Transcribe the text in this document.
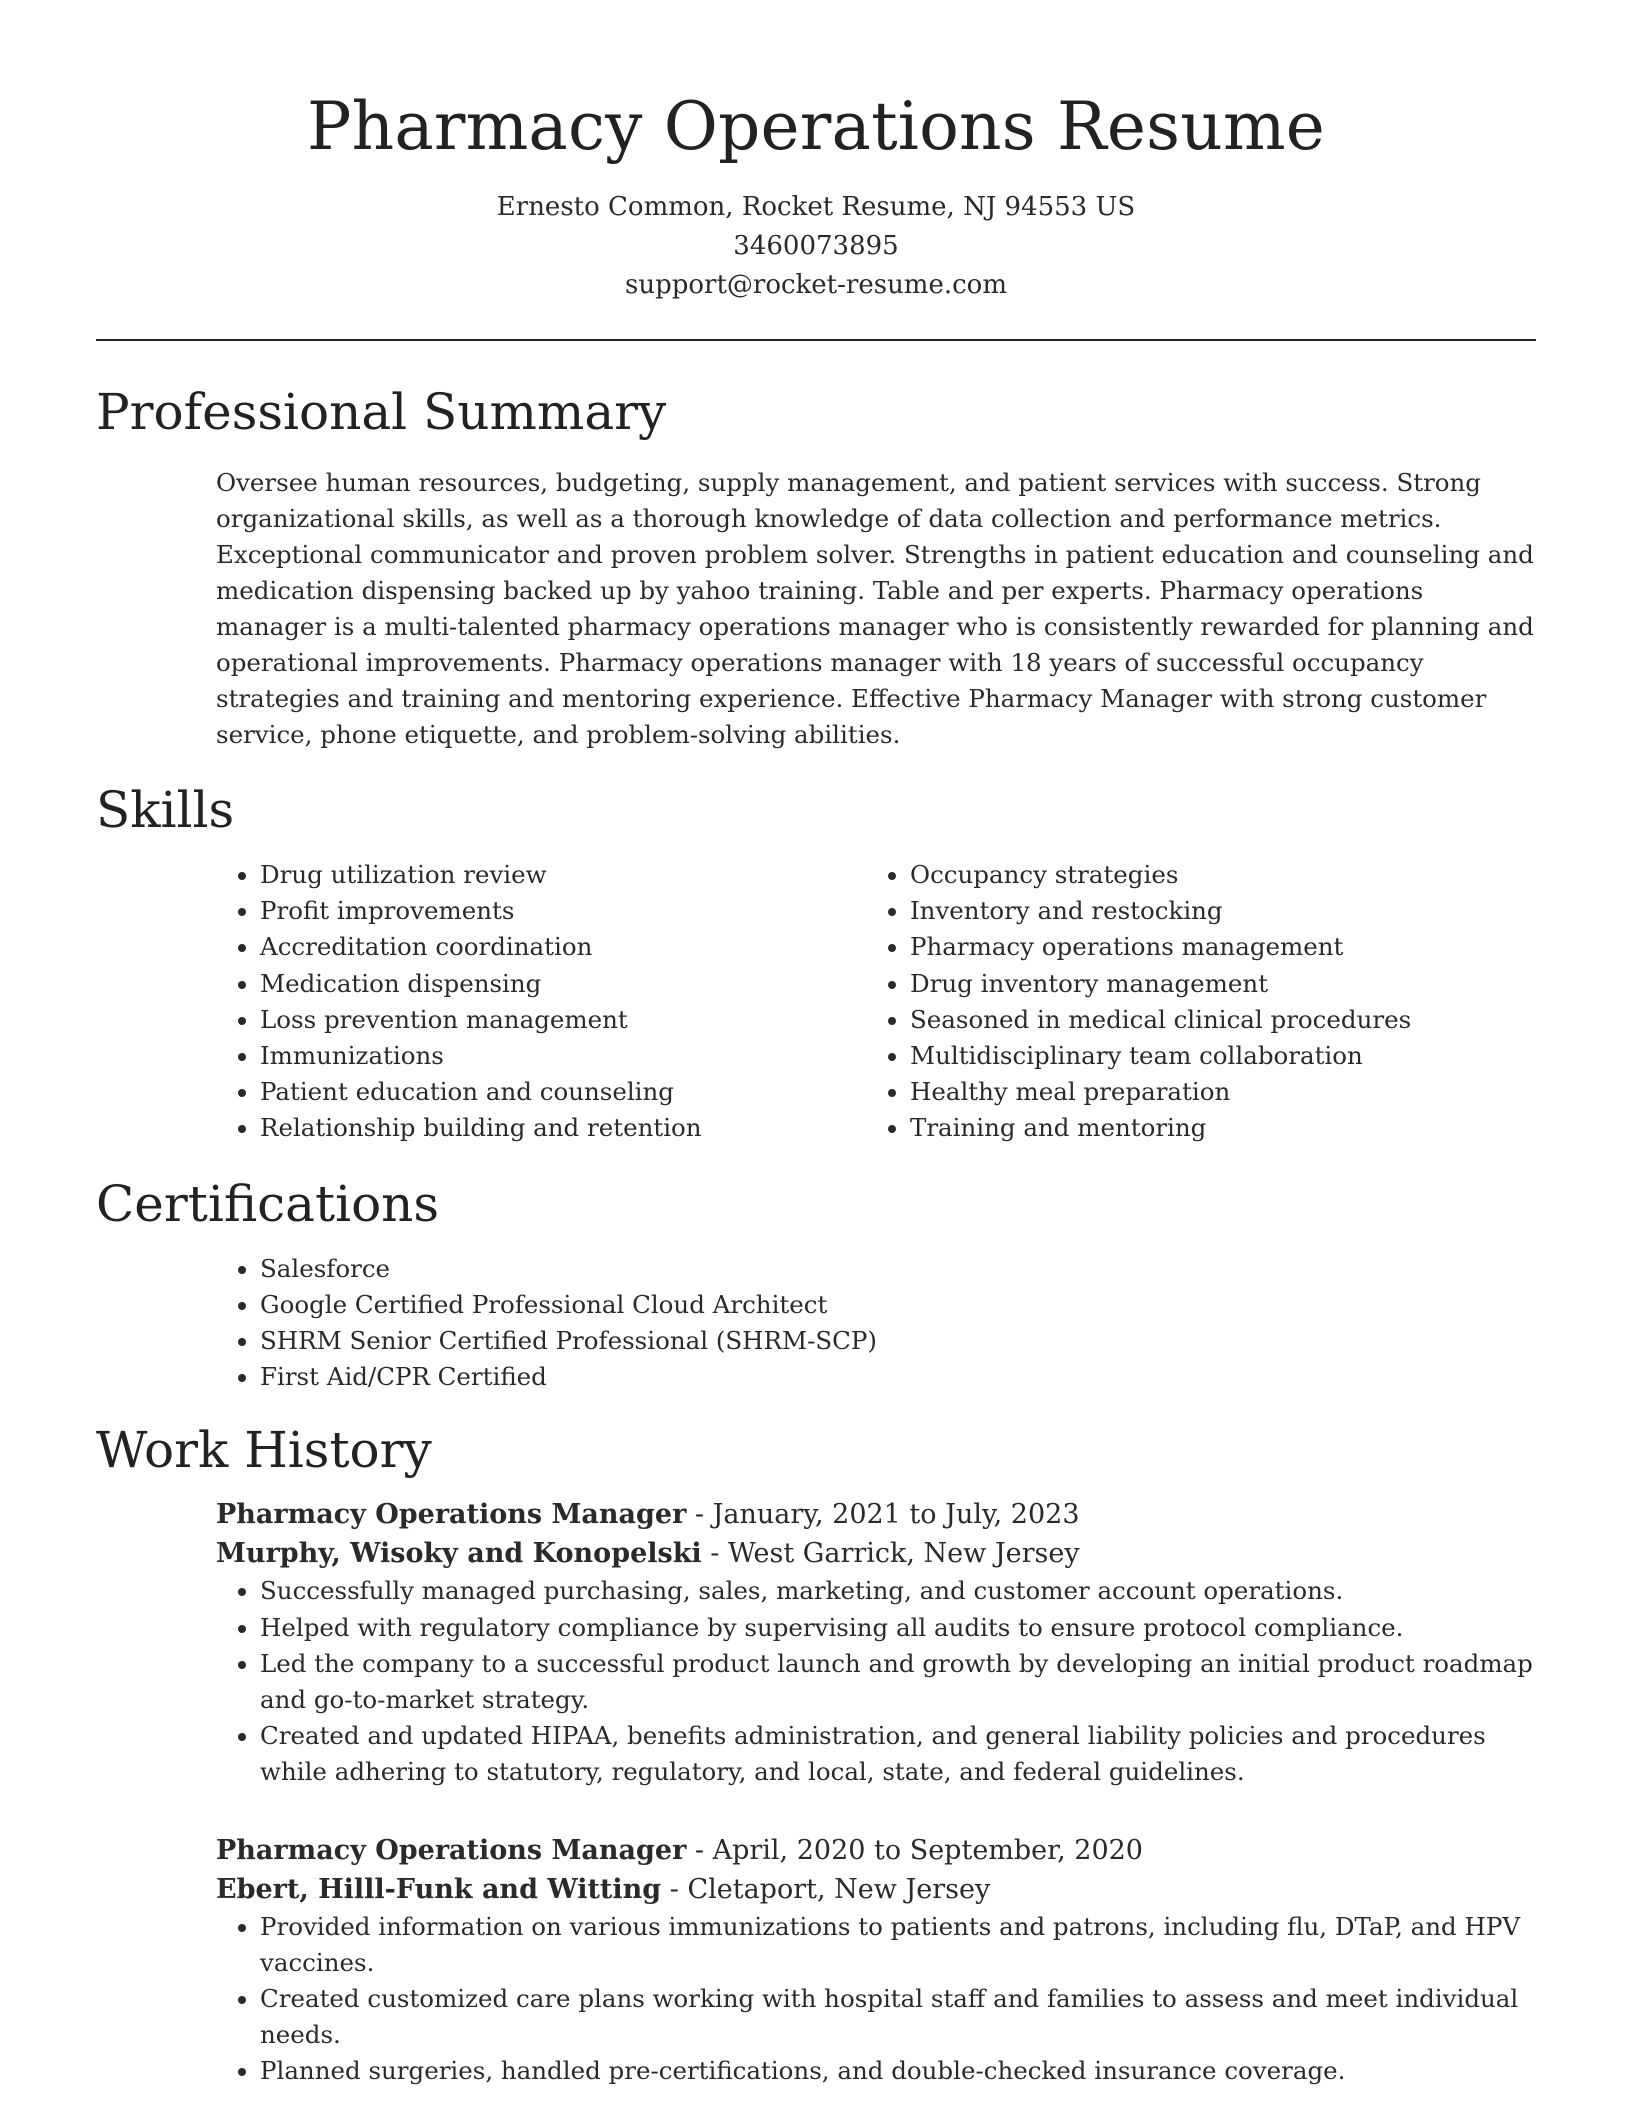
Pharmacy Operations Resume
Ernesto Common, Rocket Resume, NJ 94553 US
3460073895
support@rocket-resume.com
Professional Summary

Oversee human resources, budgeting, supply management, and patient services with success. Strong organizational skills, as well as a thorough knowledge of data collection and performance metrics. Exceptional communicator and proven problem solver. Strengths in patient education and counseling and medication dispensing backed up by yahoo training. Table and per experts. Pharmacy operations manager is a multi-talented pharmacy operations manager who is consistently rewarded for planning and operational improvements. Pharmacy operations manager with 18 years of successful occupancy strategies and training and mentoring experience. Effective Pharmacy Manager with strong customer service, phone etiquette, and problem-solving abilities.

Skills
• Drug utilization review
• Profit improvements
• Accreditation coordination
• Medication dispensing
• Loss prevention management
• Immunizations
• Patient education and counseling
• Relationship building and retention
• Occupancy strategies
• Inventory and restocking
• Pharmacy operations management
• Drug inventory management
• Seasoned in medical clinical procedures
• Multidisciplinary team collaboration
• Healthy meal preparation
• Training and mentoring
Certifications
• Salesforce
• Google Certified Professional Cloud Architect
• SHRM Senior Certified Professional (SHRM-SCP)
• First Aid/CPR Certified
Work History
Pharmacy Operations Manager - January, 2021 to July, 2023
Murphy, Wisoky and Konopelski - West Garrick, New Jersey
• Successfully managed purchasing, sales, marketing, and customer account operations.
• Helped with regulatory compliance by supervising all audits to ensure protocol compliance.
• Led the company to a successful product launch and growth by developing an initial product roadmap and go-to-market strategy.
• Created and updated HIPAA, benefits administration, and general liability policies and procedures while adhering to statutory, regulatory, and local, state, and federal guidelines.
Pharmacy Operations Manager - April, 2020 to September, 2020
Ebert, Hilll-Funk and Witting - Cletaport, New Jersey
• Provided information on various immunizations to patients and patrons, including flu, DTaP, and HPV vaccines.
• Created customized care plans working with hospital staff and families to assess and meet individual needs.
• Planned surgeries, handled pre-certifications, and double-checked insurance coverage.
